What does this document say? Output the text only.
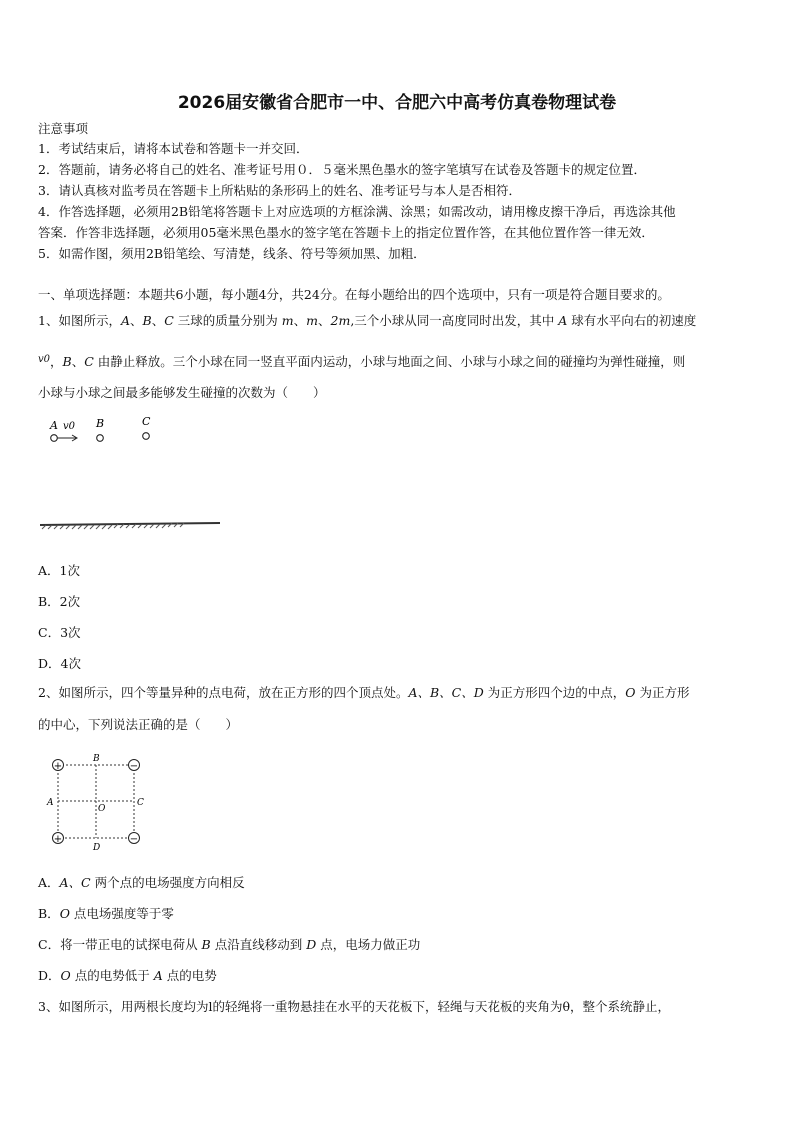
2026届安徽省合肥市一中、合肥六中高考仿真卷物理试卷
注意事项
1．考试结束后，请将本试卷和答题卡一并交回．
2．答题前，请务必将自己的姓名、准考证号用０．５毫米黑色墨水的签字笔填写在试卷及答题卡的规定位置．
3．请认真核对监考员在答题卡上所粘贴的条形码上的姓名、准考证号与本人是否相符．
4．作答选择题，必须用2B铅笔将答题卡上对应选项的方框涂满、涂黑；如需改动，请用橡皮擦干净后，再选涂其他
答案．作答非选择题，必须用05毫米黑色墨水的签字笔在答题卡上的指定位置作答，在其他位置作答一律无效．
5．如需作图，须用2B铅笔绘、写清楚，线条、符号等须加黑、加粗．
一、单项选择题：本题共6小题，每小题4分，共24分。在每小题给出的四个选项中，只有一项是符合题目要求的。
1、如图所示，A、B、C 三球的质量分别为 m、m、2m,三个小球从同一高度同时出发，其中 A 球有水平向右的初速度
$^{v0}$，B、C 由静止释放。三个小球在同一竖直平面内运动，小球与地面之间、小球与小球之间的碰撞均为弹性碰撞，则
小球与小球之间最多能够发生碰撞的次数为（　　）
A v0 B	C
A．1次
B．2次
C．3次
D．4次
2、如图所示，四个等量异种的点电荷，放在正方形的四个顶点处。A、B、C、D 为正方形四个边的中点，O 为正方形
的中心，下列说法正确的是（　　）
+	−
+	−
B
A	C
O
D
A．A、C 两个点的电场强度方向相反
B．O 点电场强度等于零
C．将一带正电的试探电荷从 B 点沿直线移动到 D 点，电场力做正功
D．O 点的电势低于 A 点的电势
3、如图所示，用两根长度均为l的轻绳将一重物悬挂在水平的天花板下，轻绳与天花板的夹角为θ，整个系统静止，
